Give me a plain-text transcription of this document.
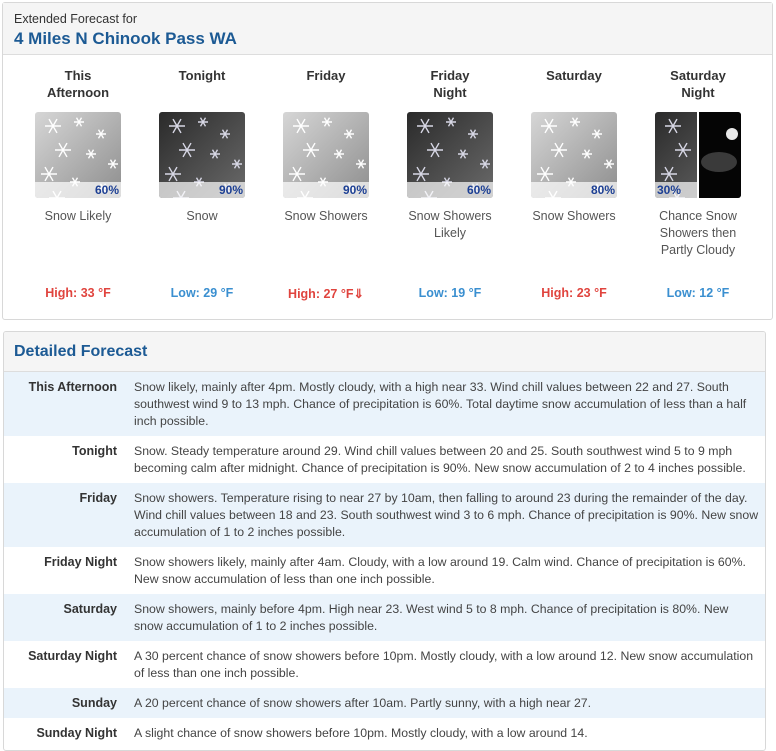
Extended Forecast for
4 Miles N Chinook Pass WA
This
Afternoon
60%
Snow Likely
High: 33 °F
Tonight
90%
Snow
Low: 29 °F
Friday
90%
Snow Showers
High: 27 °F⇓
Friday
Night
60%
Snow Showers
Likely
Low: 19 °F
Saturday
80%
Snow Showers
High: 23 °F
Saturday
Night
30%
Chance Snow
Showers then
Partly Cloudy
Low: 12 °F
Detailed Forecast
This Afternoon Snow likely, mainly after 4pm. Mostly cloudy, with a high near 33. Wind chill values between 22 and 27. South southwest wind 9 to 13 mph. Chance of precipitation is 60%. Total daytime snow accumulation of less than a half inch possible.
Tonight Snow. Steady temperature around 29. Wind chill values between 20 and 25. South southwest wind 5 to 9 mph becoming calm after midnight. Chance of precipitation is 90%. New snow accumulation of 2 to 4 inches possible.
Friday Snow showers. Temperature rising to near 27 by 10am, then falling to around 23 during the remainder of the day. Wind chill values between 18 and 23. South southwest wind 3 to 6 mph. Chance of precipitation is 90%. New snow accumulation of 1 to 2 inches possible.
Friday Night Snow showers likely, mainly after 4am. Cloudy, with a low around 19. Calm wind. Chance of precipitation is 60%. New snow accumulation of less than one inch possible.
Saturday Snow showers, mainly before 4pm. High near 23. West wind 5 to 8 mph. Chance of precipitation is 80%. New snow accumulation of 1 to 2 inches possible.
Saturday Night A 30 percent chance of snow showers before 10pm. Mostly cloudy, with a low around 12. New snow accumulation of less than one inch possible.
Sunday A 20 percent chance of snow showers after 10am. Partly sunny, with a high near 27.
Sunday Night A slight chance of snow showers before 10pm. Mostly cloudy, with a low around 14.
